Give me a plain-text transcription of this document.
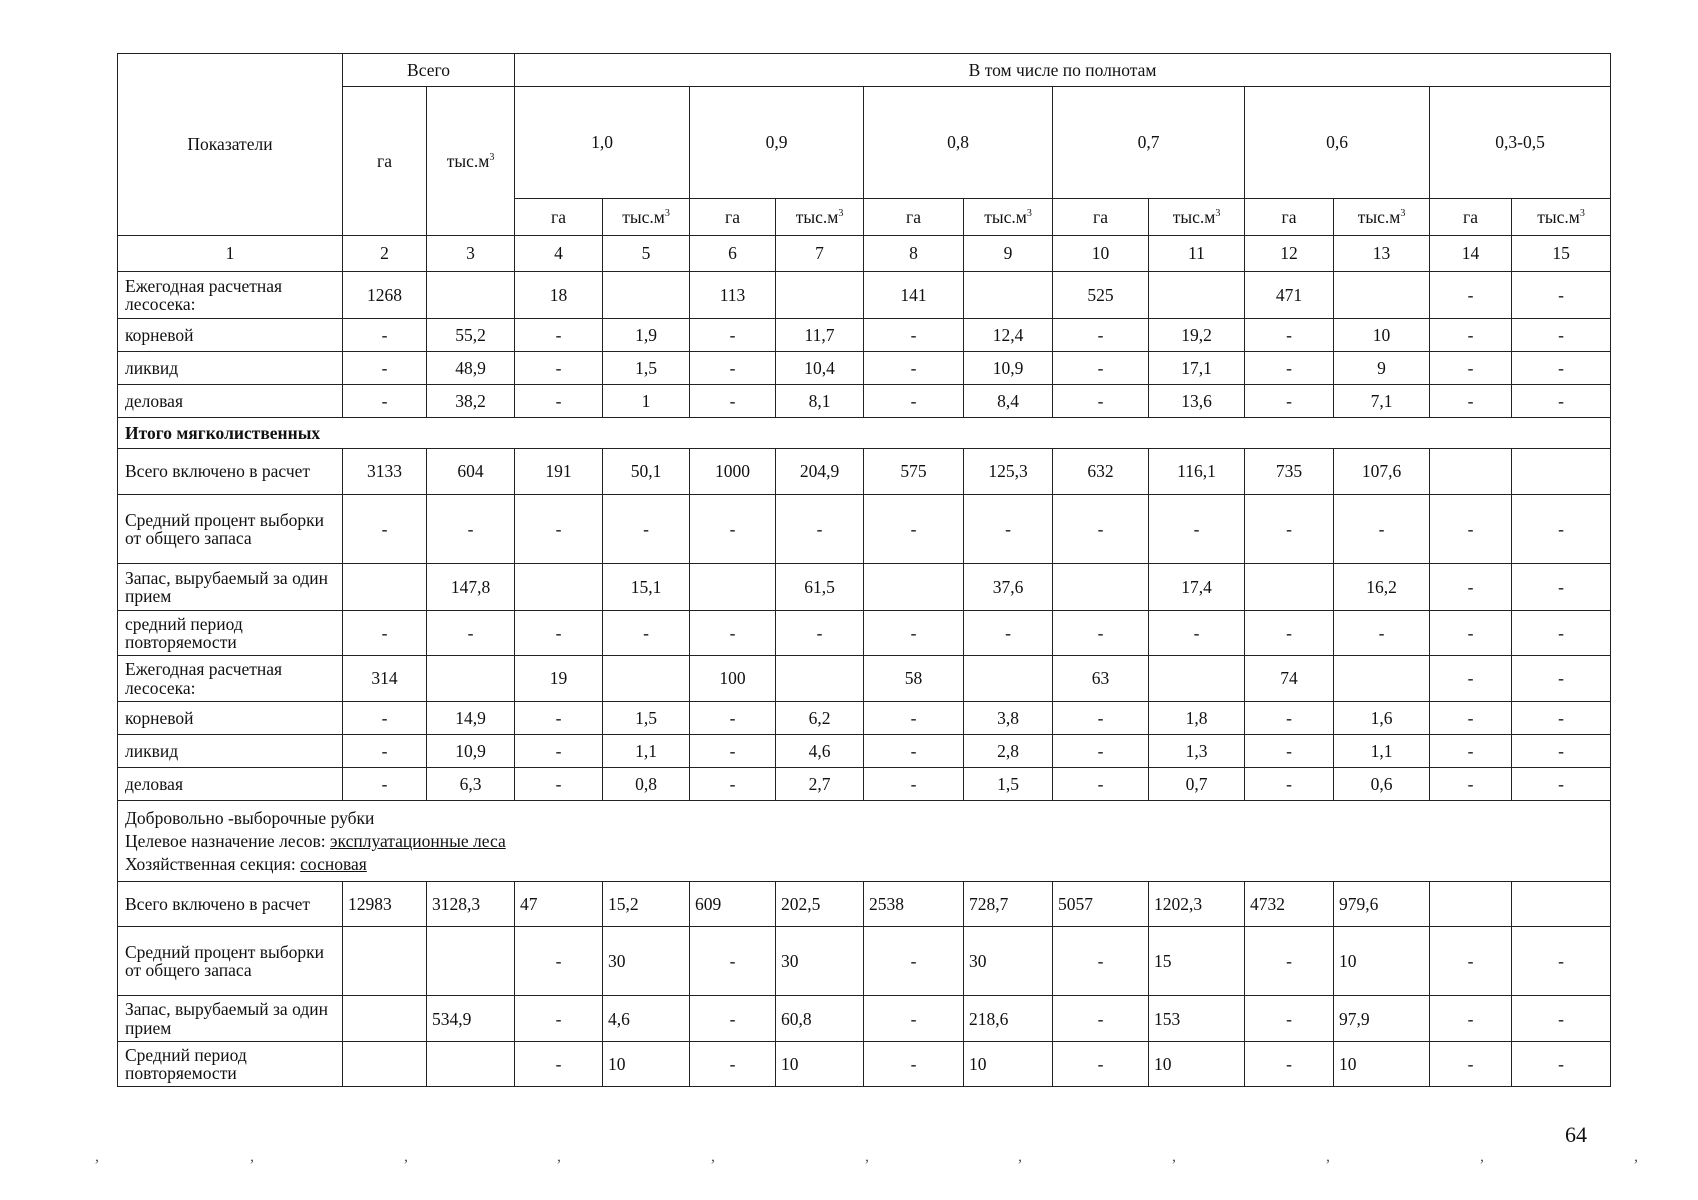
Показатели	Всего		В том числе по полнотам											
	га	$тыс.м^3$	1,0		0,9		0,8		0,7		0,6		0,3-0,5	
			га	$тыс.м^3$	га	$тыс.м^3$	га	$тыс.м^3$	га	$тыс.м^3$	га	$тыс.м^3$	га	$тыс.м^3$
1	2	3	4	5	6	7	8	9	10	11	12	13	14	15
Ежегодная расчетная лесосека:	1268		18		113		141		525		471		-	-
корневой	-	55,2	-	1,9	-	11,7	-	12,4	-	19,2	-	10	-	-
ликвид	-	48,9	-	1,5	-	10,4	-	10,9	-	17,1	-	9	-	-
деловая	-	38,2	-	1	-	8,1	-	8,4	-	13,6	-	7,1	-	-
Итого мягколиственных														
Всего включено в расчет	3133	604	191	50,1	1000	204,9	575	125,3	632	116,1	735	107,6		
Средний процент выборки от общего запаса	-	-	-	-	-	-	-	-	-	-	-	-	-	-
Запас, вырубаемый за один прием		147,8		15,1		61,5		37,6		17,4		16,2	-	-
средний период повторяемости	-	-	-	-	-	-	-	-	-	-	-	-	-	-
Ежегодная расчетная лесосека:	314		19		100		58		63		74		-	-
корневой	-	14,9	-	1,5	-	6,2	-	3,8	-	1,8	-	1,6	-	-
ликвид	-	10,9	-	1,1	-	4,6	-	2,8	-	1,3	-	1,1	-	-
деловая	-	6,3	-	0,8	-	2,7	-	1,5	-	0,7	-	0,6	-	-

Добровольно -выборочные рубки
Целевое назначение лесов: эксплуатационные леса
Хозяйственная секция: сосновая														

Всего включено в расчет	12983	3128,3	47	15,2	609	202,5	2538	728,7	5057	1202,3	4732	979,6		
Средний процент выборки от общего запаса			-	30	-	30	-	30	-	15	-	10	-	-
Запас, вырубаемый за один прием		534,9	-	4,6	-	60,8	-	218,6	-	153	-	97,9	-	-
Средний период повторяемости			-	10	-	10	-	10	-	10	-	10	-	-
64
,	,	,	,	,	,	,	,	,	,	,
